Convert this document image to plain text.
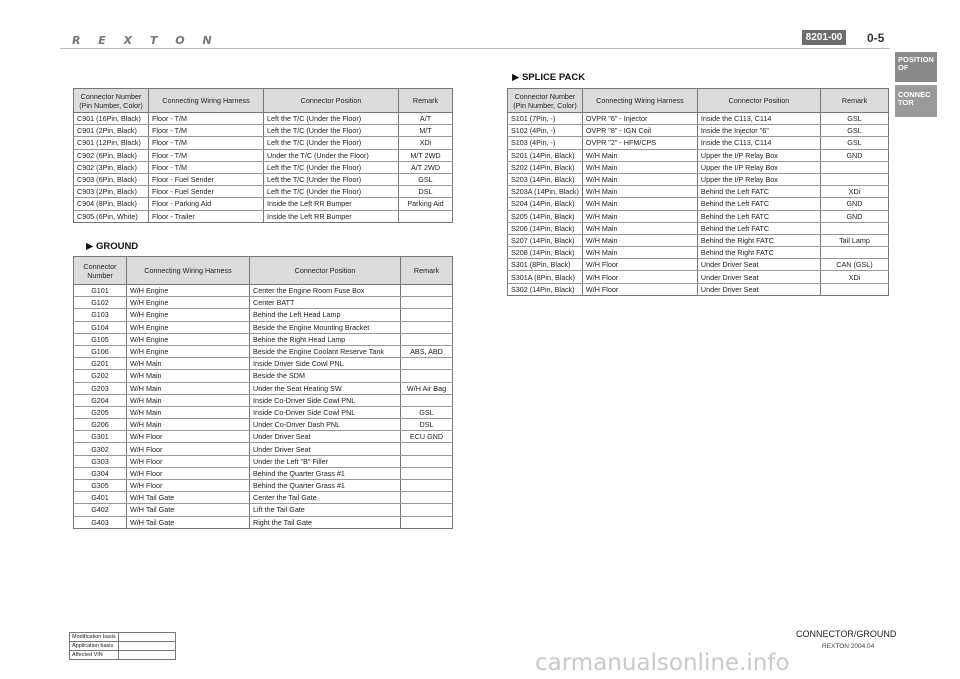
R E X T O N	8201-00	0-5
POSITION OF
CONNEC TOR
Connector Number (Pin Number, Color)	Connecting Wiring Harness	Connector Position	Remark
C901 (16Pin, Black)	Floor - T/M	Left the T/C (Under the Floor)	A/T
C901 (2Pin, Black)	Floor - T/M	Left the T/C (Under the Floor)	M/T
C901 (12Pin, Black)	Floor - T/M	Left the T/C (Under the Floor)	XDi
C902 (6Pin, Black)	Floor - T/M	Under the T/C (Under the Floor)	M/T 2WD
C902 (3Pin, Black)	Floor - T/M	Left the T/C (Under the Floor)	A/T 2WD
C903 (6Pin, Black)	Floor - Fuel Sender	Left the T/C (Under the Floor)	GSL
C903 (2Pin, Black)	Floor - Fuel Sender	Left the T/C (Under the Floor)	DSL
C904 (8Pin, Black)	Floor - Parking Aid	Inside the Left RR Bumper	Parking Aid
C905 (6Pin, White)	Floor - Trailer	Inside the Left RR Bumper	
▶ GROUND
Connector Number	Connecting Wiring Harness	Connector Position	Remark
G101	W/H Engine	Center the Engine Room Fuse Box	
G102	W/H Engine	Center BATT	
G103	W/H Engine	Behind the Left Head Lamp	
G104	W/H Engine	Beside the Engine Mounting Bracket	
G105	W/H Engine	Behine the Right Head Lamp	
G106	W/H Engine	Beside the Engine Coolant Reserve Tank	ABS, ABD
G201	W/H Main	Inside Driver Side Cowl PNL	
G202	W/H Main	Beside the SDM	
G203	W/H Main	Under the Seat Heating SW	W/H Air Bag
G204	W/H Main	Inside Co-Driver Side Cowl PNL	
G205	W/H Main	Inside Co-Driver Side Cowl PNL	GSL
G206	W/H Main	Under Co-Driver Dash PNL	DSL
G301	W/H Floor	Under Driver Seat	ECU GND
G302	W/H Floor	Under Driver Seat	
G303	W/H Floor	Under the Left "B" Filler	
G304	W/H Floor	Behind the Quarter Grass #1	
G305	W/H Floor	Behind the Quarter Grass #1	
G401	W/H Tail Gate	Center the Tail Gate	
G402	W/H Tail Gate	Lift the Tail Gate	
G403	W/H Tail Gate	Right the Tail Gate	
▶ SPLICE PACK
Connector Number (Pin Number, Color)	Connecting Wiring Harness	Connector Position	Remark
S101 (7Pin, -)	OVPR "6" - Injector	Inside the C113, C114	GSL
S102 (4Pin, -)	OVPR "8" - IGN Coil	Inside the Injector "6"	GSL
S103 (4Pin, -)	OVPR "2" - HFM/CPS	Inside the C113, C114	GSL
S201 (14Pin, Black)	W/H Main	Upper the I/P Relay Box	GND
S202 (14Pin, Black)	W/H Main	Upper the I/P Relay Box	
S203 (14Pin, Black)	W/H Main	Upper the I/P Relay Box	
S203A (14Pin, Black)	W/H Main	Behind the Left FATC	XDi
S204 (14Pin, Black)	W/H Main	Behind the Left FATC	GND
S205 (14Pin, Black)	W/H Main	Behind the Left FATC	GND
S206 (14Pin, Black)	W/H Main	Behind the Left FATC	
S207 (14Pin, Black)	W/H Main	Behind the Right FATC	Tail Lamp
S208 (14Pin, Black)	W/H Main	Behind the Right FATC	
S301 (8Pin, Black)	W/H Floor	Under Driver Seat	CAN (GSL)
S301A (8Pin, Black)	W/H Floor	Under Driver Seat	XDi
S302 (14Pin, Black)	W/H Floor	Under Driver Seat	
Modification basis	
Application basis	
Affected VIN	
CONNECTOR/GROUND
REXTON 2004.04
carmanualsonline.info
